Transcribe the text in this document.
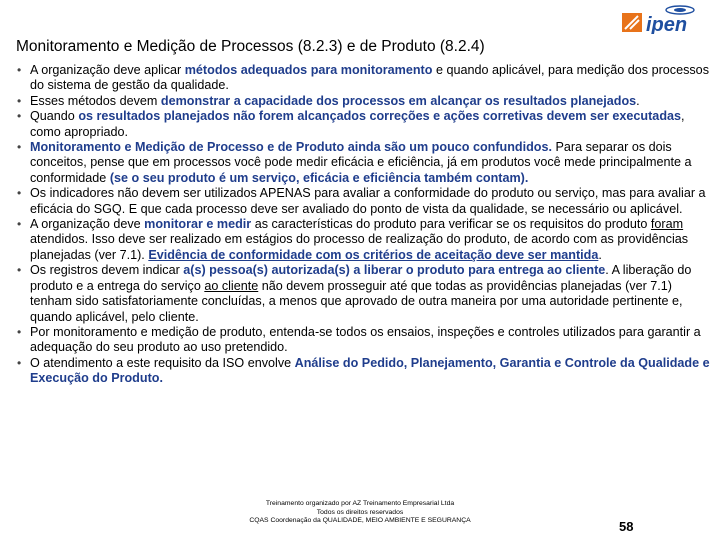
ipen
Monitoramento e Medição de Processos (8.2.3) e de Produto (8.2.4)
• A organização deve aplicar métodos adequados para monitoramento e quando aplicável, para medição dos processos do sistema de gestão da qualidade.
• Esses métodos devem demonstrar a capacidade dos processos em alcançar os resultados planejados.
• Quando os resultados planejados não forem alcançados correções e ações corretivas devem ser executadas, como apropriado.
• Monitoramento e Medição de Processo e de Produto ainda são um pouco confundidos. Para separar os dois conceitos, pense que em processos você pode medir eficácia e eficiência, já em produtos você mede principalmente a conformidade (se o seu produto é um serviço, eficácia e eficiência também contam).
• Os indicadores não devem ser utilizados APENAS para avaliar a conformidade do produto ou serviço, mas para avaliar a eficácia do SGQ. E que cada processo deve ser avaliado do ponto de vista da qualidade, se necessário ou aplicável.
• A organização deve monitorar e medir as características do produto para verificar se os requisitos do produto foram atendidos. Isso deve ser realizado em estágios do processo de realização do produto, de acordo com as providências planejadas (ver 7.1). Evidência de conformidade com os critérios de aceitação deve ser mantida.
• Os registros devem indicar a(s) pessoa(s) autorizada(s) a liberar o produto para entrega ao cliente. A liberação do produto e a entrega do serviço ao cliente não devem prosseguir até que todas as providências planejadas (ver 7.1) tenham sido satisfatoriamente concluídas, a menos que aprovado de outra maneira por uma autoridade pertinente e, quando aplicável, pelo cliente.
• Por monitoramento e medição de produto, entenda-se todos os ensaios, inspeções e controles utilizados para garantir a adequação do seu produto ao uso pretendido.
• O atendimento a este requisito da ISO envolve Análise do Pedido, Planejamento, Garantia e Controle da Qualidade e Execução do Produto.
Treinamento organizado por AZ Treinamento Empresarial Ltda
Todos os direitos reservados
CQAS Coordenação da QUALIDADE, MEIO AMBIENTE E SEGURANÇA	58
